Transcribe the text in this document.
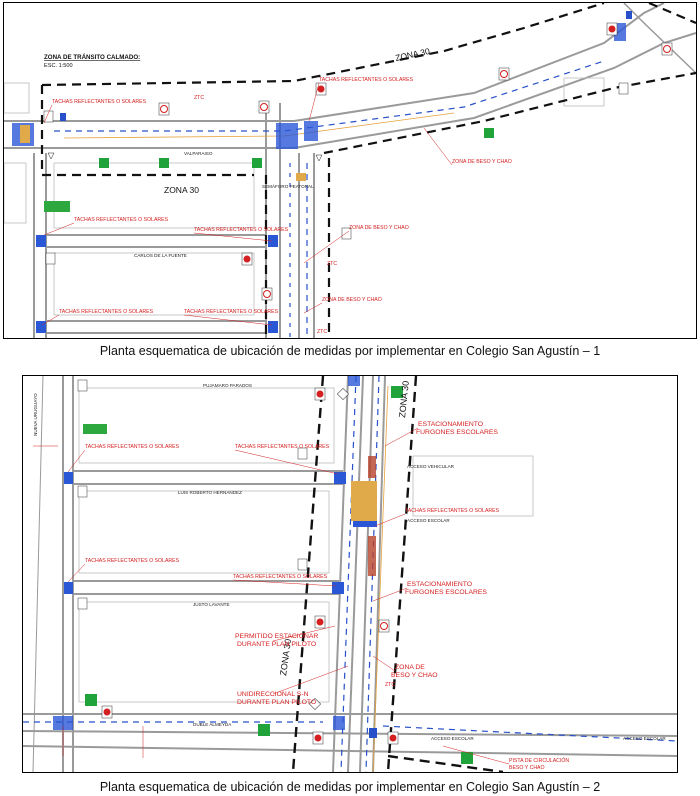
ZONA DE TRÁNSITO CALMADO:
ESC. 1:500
ZONA 30
ZONA 30
TACHAS REFLECTANTES O SOLARES
TACHAS REFLECTANTES O SOLARES
TACHAS REFLECTANTES O SOLARES
TACHAS REFLECTANTES O SOLARES
TACHAS REFLECTANTES O SOLARES	TACHAS REFLECTANTES O SOLARES
ZTC
ZTC
ZTC
ZONA DE BESO Y CHAO
ZONA DE BESO Y CHAO
ZONA DE BESO Y CHAO
SEMÁFORO PEATONAL
CARLOS DE LA FUENTE
VALPARAISO
Planta esquematica de ubicación de medidas por implementar en Colegio San Agustín – 1
ZONA 30
ZONA 30
PUJAMARO PARADOS
LUIS ROBERTO HERNANDEZ
JUSTO LAVANTE
DUBLE ALMEYDA
NUEVA URUGUAYO
TACHAS REFLECTANTES O SOLARES	TACHAS REFLECTANTES O SOLARES
TACHAS REFLECTANTES O SOLARES
TACHAS REFLECTANTES O SOLARES
TACHAS REFLECTANTES O SOLARES
ESTACIONAMIENTO
FURGONES ESCOLARES
ESTACIONAMIENTO
FURGONES ESCOLARES
PERMITIDO ESTACIONAR
DURANTE PLAN PILOTO
UNIDIRECCIONAL S-N
DURANTE PLAN PILOTO
ZONA DE
BESO Y CHAO
PISTA DE CIRCULACIÓN
BESO Y CHAO
ZTC
ACCESO VEHICULAR
ACCESO ESCOLAR
ACCESO ESCOLAR	ACCESO ESCOLAR
Planta esquematica de ubicación de medidas por implementar en Colegio San Agustín – 2
